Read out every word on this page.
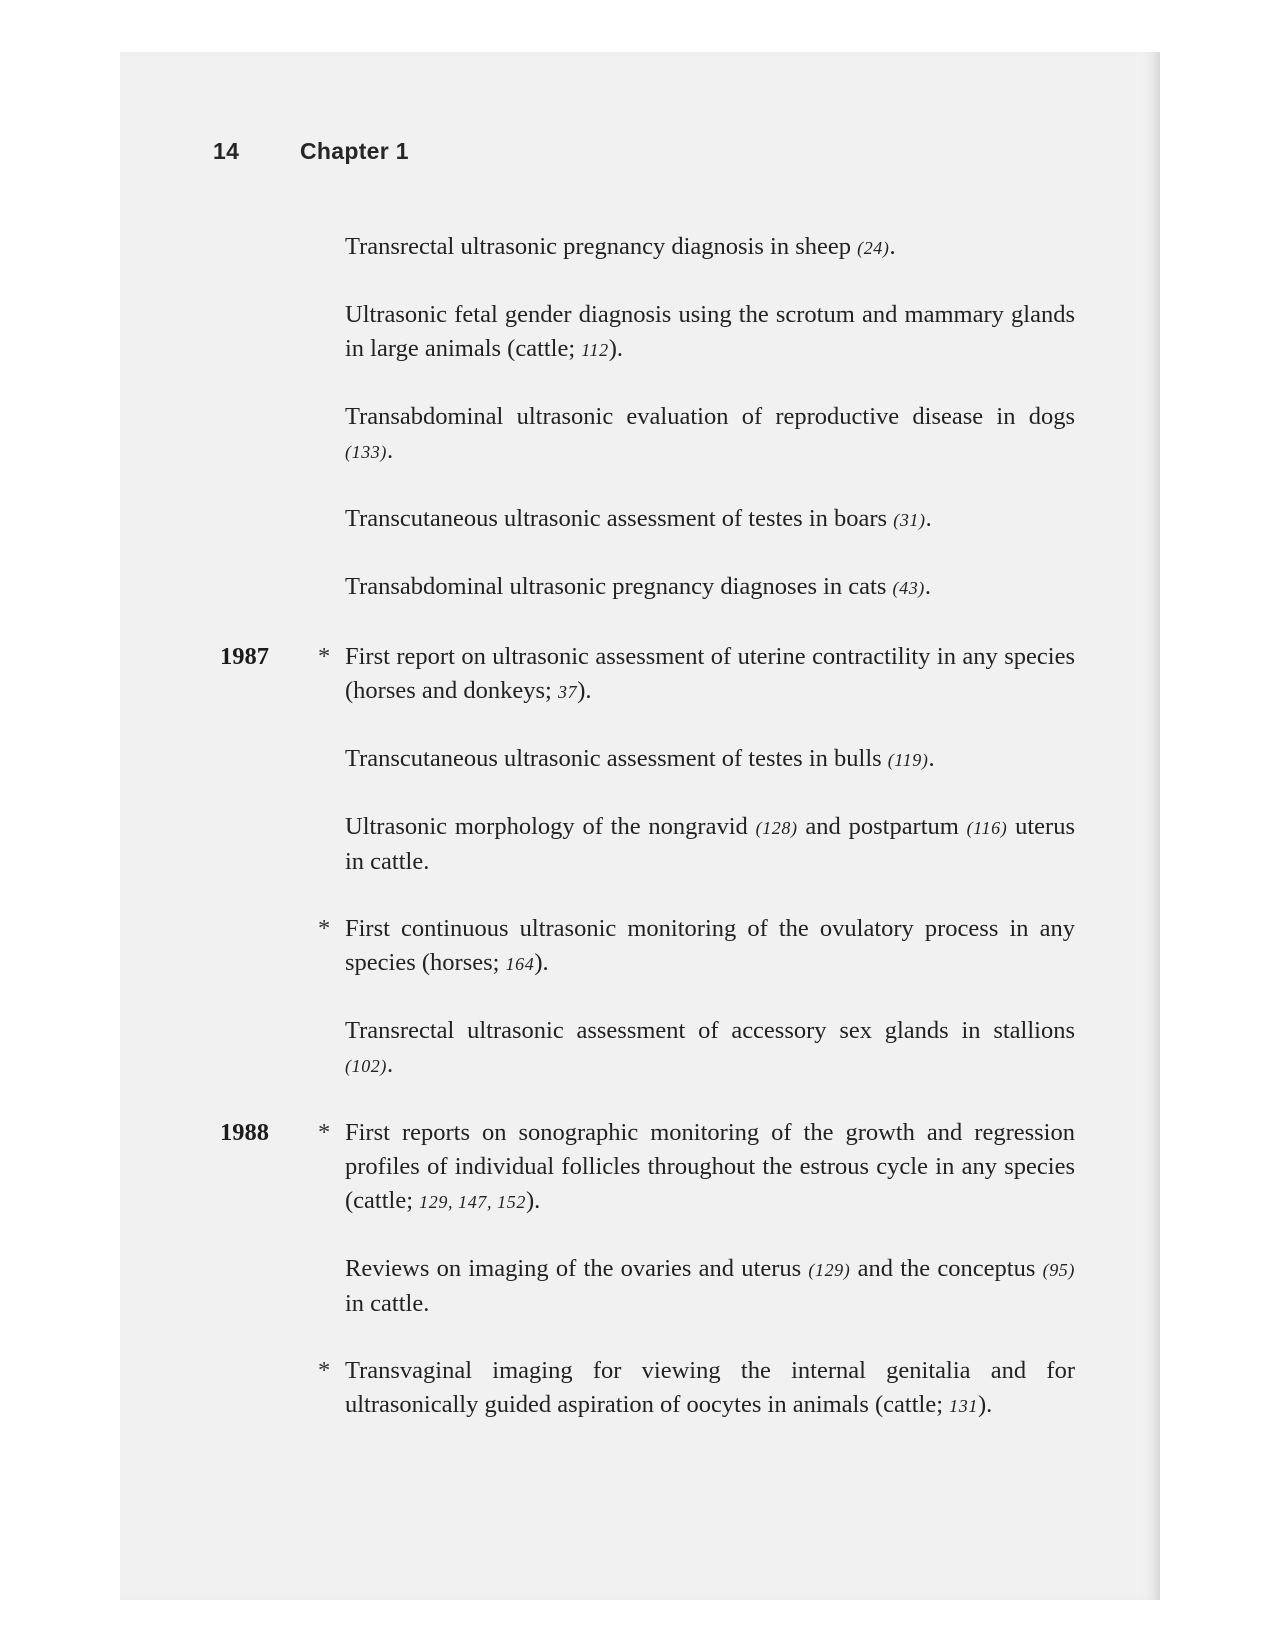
14	Chapter 1
Transrectal ultrasonic pregnancy diagnosis in sheep (24).
Ultrasonic fetal gender diagnosis using the scrotum and mammary glands in large animals (cattle; 112).
Transabdominal ultrasonic evaluation of reproductive disease in dogs (133).
Transcutaneous ultrasonic assessment of testes in boars (31).
Transabdominal ultrasonic pregnancy diagnoses in cats (43).
1987 * First report on ultrasonic assessment of uterine contractility in any species (horses and donkeys; 37).
Transcutaneous ultrasonic assessment of testes in bulls (119).
Ultrasonic morphology of the nongravid (128) and postpartum (116) uterus in cattle.
* First continuous ultrasonic monitoring of the ovulatory process in any species (horses; 164).
Transrectal ultrasonic assessment of accessory sex glands in stallions (102).
1988 * First reports on sonographic monitoring of the growth and regression profiles of individual follicles throughout the estrous cycle in any species (cattle; 129, 147, 152).
Reviews on imaging of the ovaries and uterus (129) and the conceptus (95) in cattle.
* Transvaginal imaging for viewing the internal genitalia and for ultrasonically guided aspiration of oocytes in animals (cattle; 131).
